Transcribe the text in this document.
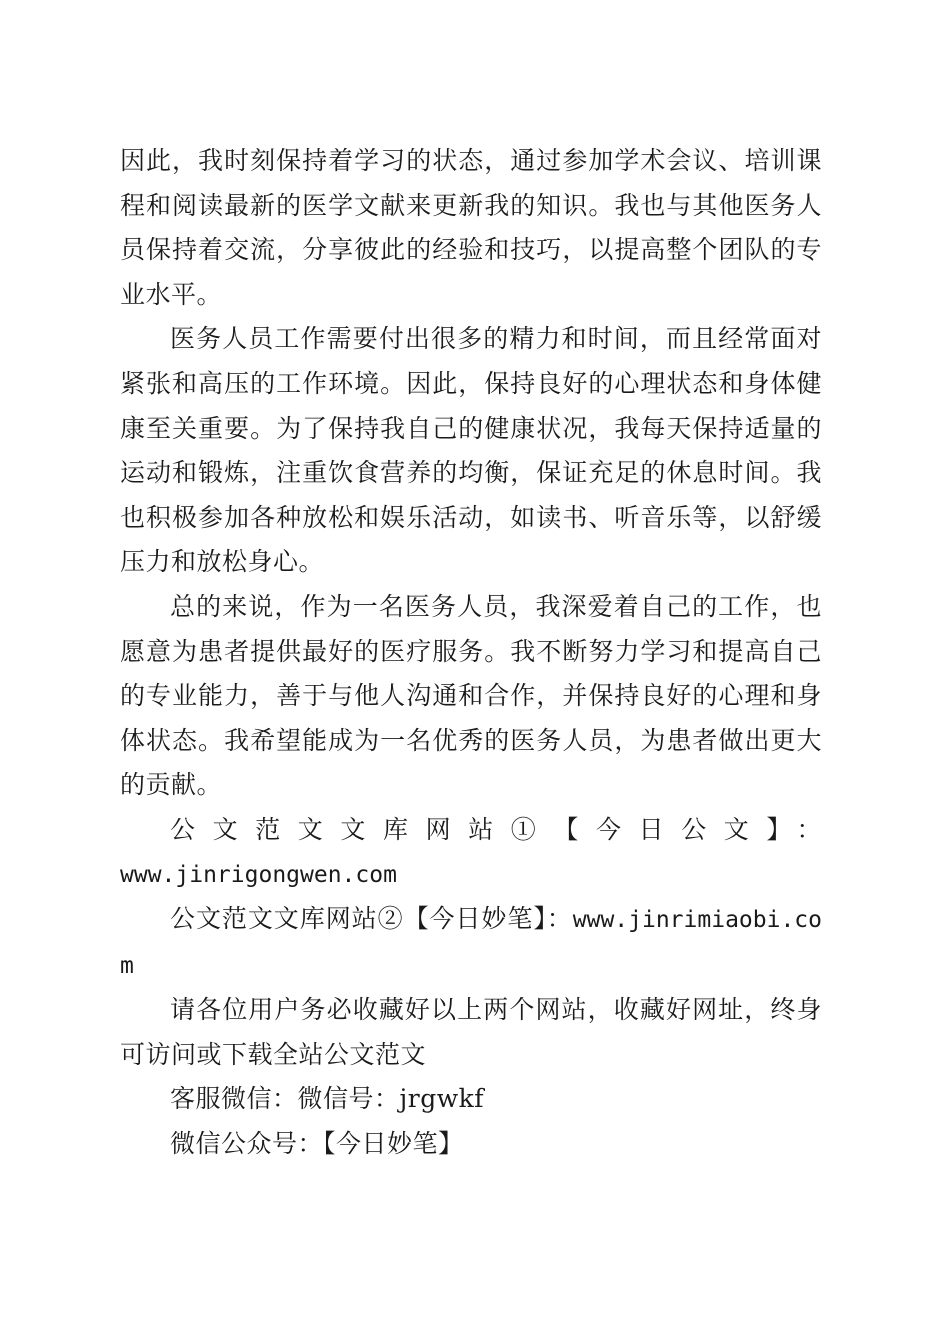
因此，我时刻保持着学习的状态，通过参加学术会议、培训课程和阅读最新的医学文献来更新我的知识。我也与其他医务人员保持着交流，分享彼此的经验和技巧，以提高整个团队的专业水平。

医务人员工作需要付出很多的精力和时间，而且经常面对紧张和高压的工作环境。因此，保持良好的心理状态和身体健康至关重要。为了保持我自己的健康状况，我每天保持适量的运动和锻炼，注重饮食营养的均衡，保证充足的休息时间。我也积极参加各种放松和娱乐活动，如读书、听音乐等，以舒缓压力和放松身心。

总的来说，作为一名医务人员，我深爱着自己的工作，也愿意为患者提供最好的医疗服务。我不断努力学习和提高自己的专业能力，善于与他人沟通和合作，并保持良好的心理和身体状态。我希望能成为一名优秀的医务人员，为患者做出更大的贡献。

公文范文文库网站①【今日公文】：

www.jinrigongwen.com

公文范文文库网站②【今日妙笔】：www.jinrimiaobi.com

请各位用户务必收藏好以上两个网站，收藏好网址，终身可访问或下载全站公文范文

客服微信：微信号：jrgwkf

微信公众号：【今日妙笔】
